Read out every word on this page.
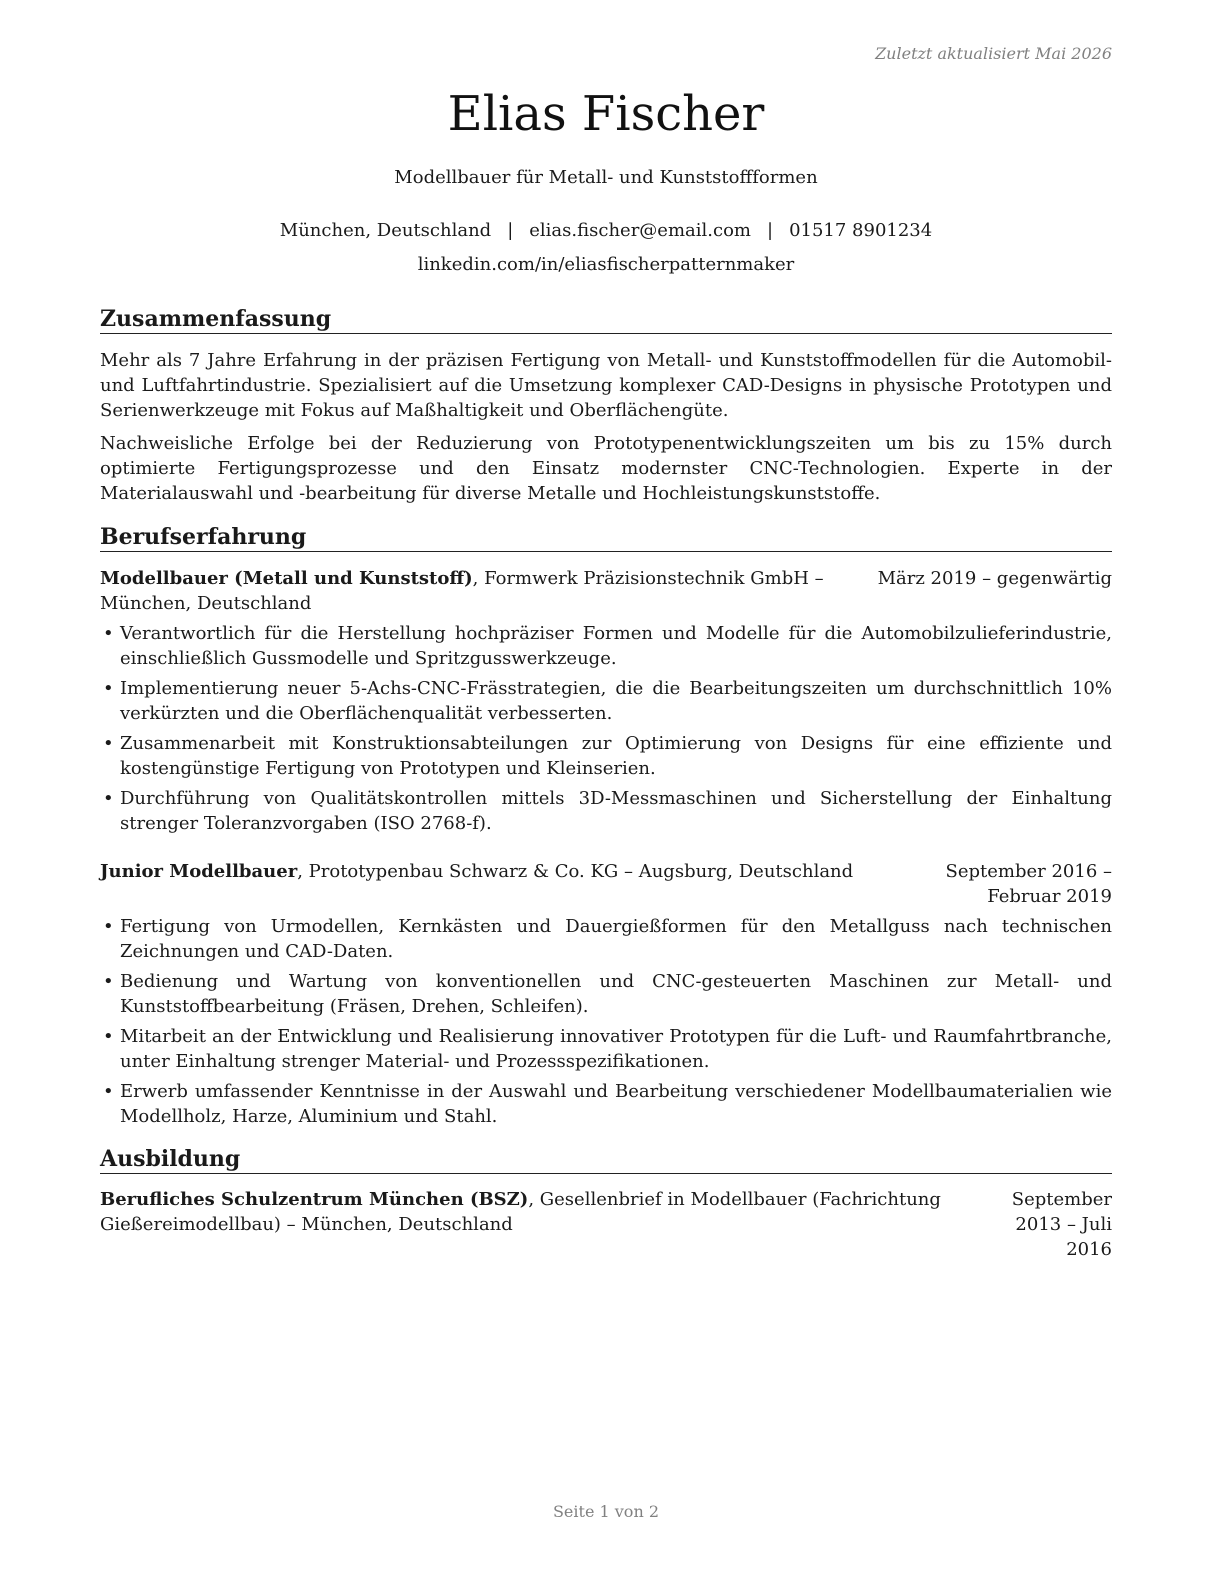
Zuletzt aktualisiert Mai 2026
Elias Fischer
Modellbauer für Metall- und Kunststoffformen
München, Deutschland | elias.fischer@email.com | 01517 8901234
linkedin.com/in/eliasfischerpatternmaker
Zusammenfassung

Mehr als 7 Jahre Erfahrung in der präzisen Fertigung von Metall- und Kunststoffmodellen für die Automobil- und Luftfahrtindustrie. Spezialisiert auf die Umsetzung komplexer CAD-Designs in physische Prototypen und Serienwerkzeuge mit Fokus auf Maßhaltigkeit und Oberflächengüte.

Nachweisliche Erfolge bei der Reduzierung von Prototypenentwicklungszeiten um bis zu 15% durch optimierte Fertigungsprozesse und den Einsatz modernster CNC-Technologien. Experte in der Materialauswahl und -bearbeitung für diverse Metalle und Hochleistungskunststoffe.

Berufserfahrung
Modellbauer (Metall und Kunststoff), Formwerk Präzisionstechnik GmbH – München, Deutschland
März 2019 – gegenwärtig
• Verantwortlich für die Herstellung hochpräziser Formen und Modelle für die Automobilzulieferindustrie, einschließlich Gussmodelle und Spritzgusswerkzeuge.
• Implementierung neuer 5-Achs-CNC-Frässtrategien, die die Bearbeitungszeiten um durchschnittlich 10% verkürzten und die Oberflächenqualität verbesserten.
• Zusammenarbeit mit Konstruktionsabteilungen zur Optimierung von Designs für eine effiziente und kostengünstige Fertigung von Prototypen und Kleinserien.
• Durchführung von Qualitätskontrollen mittels 3D-Messmaschinen und Sicherstellung der Einhaltung strenger Toleranzvorgaben (ISO 2768-f).
Junior Modellbauer, Prototypenbau Schwarz & Co. KG – Augsburg, Deutschland	September 2016 – Februar 2019
• Fertigung von Urmodellen, Kernkästen und Dauergießformen für den Metallguss nach technischen Zeichnungen und CAD-Daten.
• Bedienung und Wartung von konventionellen und CNC-gesteuerten Maschinen zur Metall- und Kunststoffbearbeitung (Fräsen, Drehen, Schleifen).
• Mitarbeit an der Entwicklung und Realisierung innovativer Prototypen für die Luft- und Raumfahrtbranche, unter Einhaltung strenger Material- und Prozessspezifikationen.
• Erwerb umfassender Kenntnisse in der Auswahl und Bearbeitung verschiedener Modellbaumaterialien wie Modellholz, Harze, Aluminium und Stahl.
Ausbildung
Berufliches Schulzentrum München (BSZ), Gesellenbrief in Modellbauer (Fachrichtung Gießereimodellbau) – München, Deutschland
September 2013 – Juli 2016
Seite 1 von 2
